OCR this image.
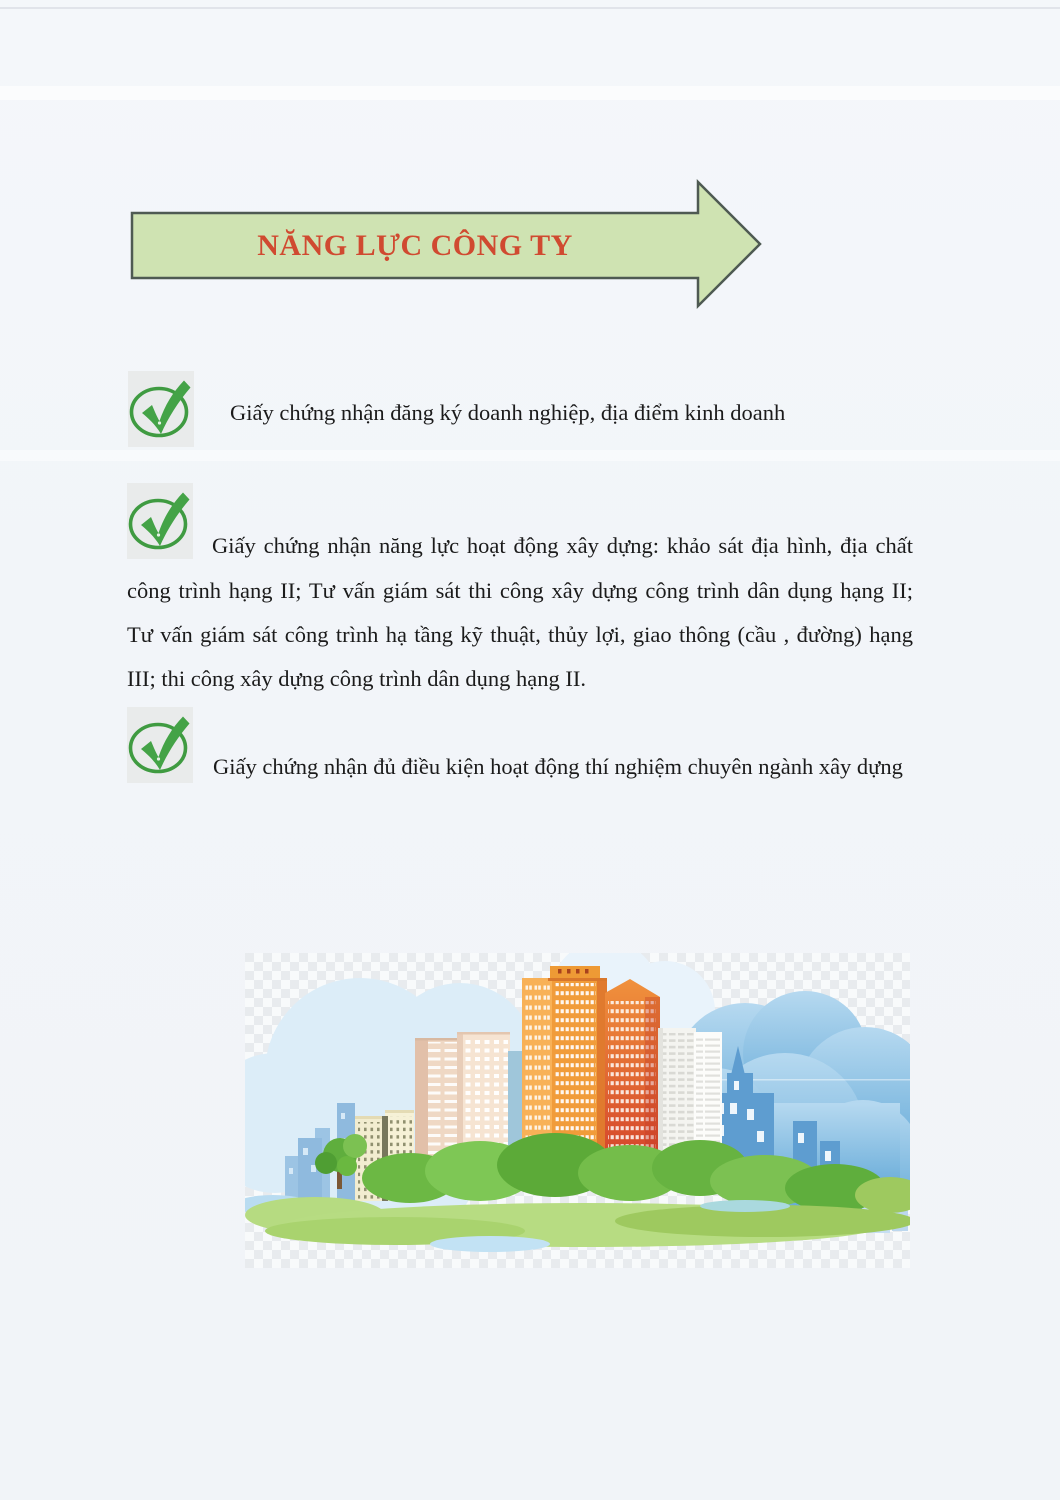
NĂNG LỰC CÔNG TY
Giấy chứng nhận đăng ký doanh nghiệp, địa điểm kinh doanh
Giấy chứng nhận năng lực hoạt động xây dựng: khảo sát địa hình, địa chất
công trình hạng II; Tư vấn giám sát thi công xây dựng công trình dân dụng hạng II;
Tư vấn giám sát công trình hạ tầng kỹ thuật, thủy lợi, giao thông (cầu , đường) hạng
III; thi công xây dựng công trình dân dụng hạng II.
Giấy chứng nhận đủ điều kiện hoạt động thí nghiệm chuyên ngành xây dựng
